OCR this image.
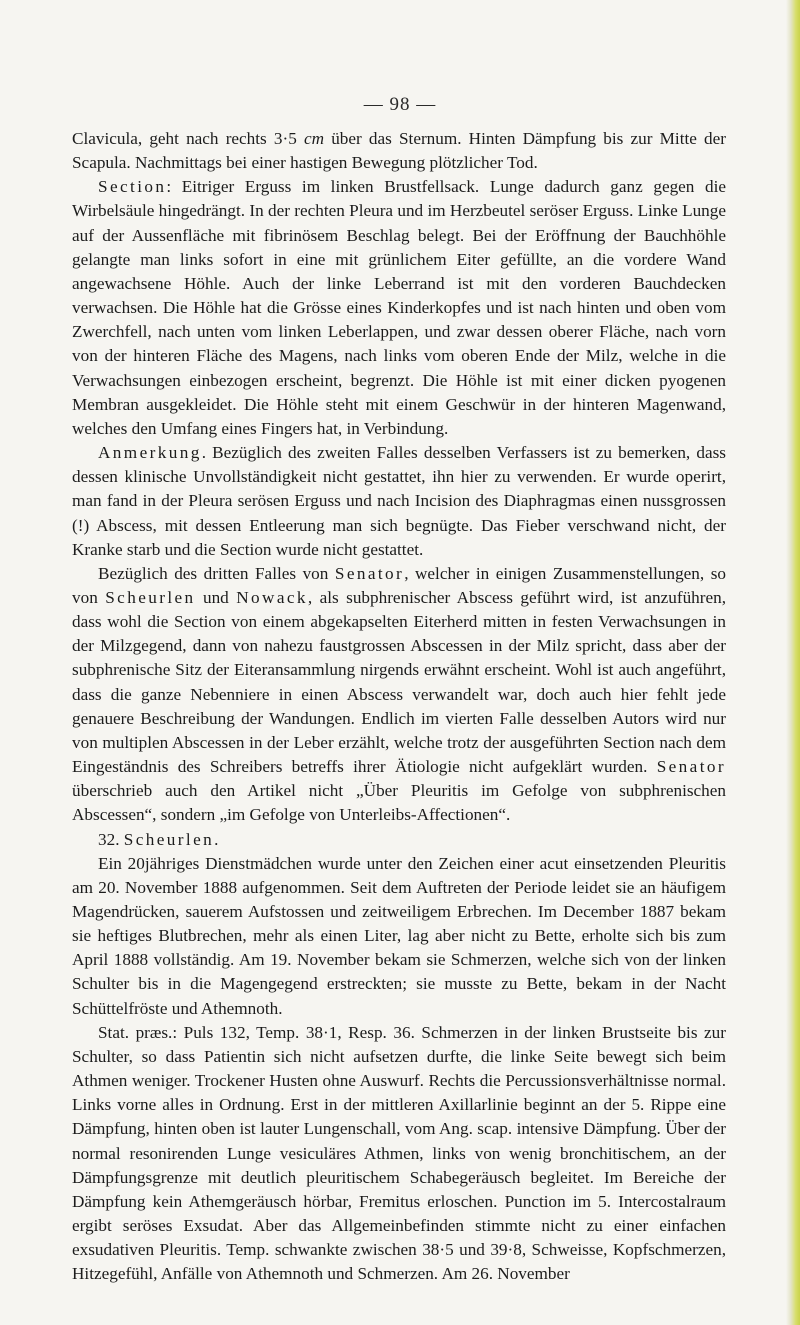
— 98 —

Clavicula, geht nach rechts 3·5 cm über das Sternum. Hinten Dämpfung bis zur Mitte der Scapula. Nachmittags bei einer hastigen Bewegung plötzlicher Tod.

Section: Eitriger Erguss im linken Brustfellsack. Lunge dadurch ganz gegen die Wirbelsäule hingedrängt. In der rechten Pleura und im Herzbeutel seröser Erguss. Linke Lunge auf der Aussenfläche mit fibrinösem Beschlag belegt. Bei der Eröffnung der Bauchhöhle gelangte man links sofort in eine mit grünlichem Eiter gefüllte, an die vordere Wand angewachsene Höhle. Auch der linke Leberrand ist mit den vorderen Bauchdecken verwachsen. Die Höhle hat die Grösse eines Kinderkopfes und ist nach hinten und oben vom Zwerchfell, nach unten vom linken Leberlappen, und zwar dessen oberer Fläche, nach vorn von der hinteren Fläche des Magens, nach links vom oberen Ende der Milz, welche in die Verwachsungen einbezogen erscheint, begrenzt. Die Höhle ist mit einer dicken pyogenen Membran ausgekleidet. Die Höhle steht mit einem Geschwür in der hinteren Magenwand, welches den Umfang eines Fingers hat, in Verbindung.

Anmerkung. Bezüglich des zweiten Falles desselben Verfassers ist zu bemerken, dass dessen klinische Unvollständigkeit nicht gestattet, ihn hier zu verwenden. Er wurde operirt, man fand in der Pleura serösen Erguss und nach Incision des Diaphragmas einen nussgrossen (!) Abscess, mit dessen Entleerung man sich begnügte. Das Fieber verschwand nicht, der Kranke starb und die Section wurde nicht gestattet.

Bezüglich des dritten Falles von Senator, welcher in einigen Zusammenstellungen, so von Scheurlen und Nowack, als subphrenischer Abscess geführt wird, ist anzuführen, dass wohl die Section von einem abgekapselten Eiterherd mitten in festen Verwachsungen in der Milzgegend, dann von nahezu faustgrossen Abscessen in der Milz spricht, dass aber der subphrenische Sitz der Eiteransammlung nirgends erwähnt erscheint. Wohl ist auch angeführt, dass die ganze Nebenniere in einen Abscess verwandelt war, doch auch hier fehlt jede genauere Beschreibung der Wandungen. Endlich im vierten Falle desselben Autors wird nur von multiplen Abscessen in der Leber erzählt, welche trotz der ausgeführten Section nach dem Eingeständnis des Schreibers betreffs ihrer Ätiologie nicht aufgeklärt wurden. Senator überschrieb auch den Artikel nicht „Über Pleuritis im Gefolge von subphrenischen Abscessen“, sondern „im Gefolge von Unterleibs-Affectionen“.

32. Scheurlen.

Ein 20jähriges Dienstmädchen wurde unter den Zeichen einer acut einsetzenden Pleuritis am 20. November 1888 aufgenommen. Seit dem Auftreten der Periode leidet sie an häufigem Magendrücken, sauerem Aufstossen und zeitweiligem Erbrechen. Im December 1887 bekam sie heftiges Blutbrechen, mehr als einen Liter, lag aber nicht zu Bette, erholte sich bis zum April 1888 vollständig. Am 19. November bekam sie Schmerzen, welche sich von der linken Schulter bis in die Magengegend erstreckten; sie musste zu Bette, bekam in der Nacht Schüttelfröste und Athemnoth.

Stat. præs.: Puls 132, Temp. 38·1, Resp. 36. Schmerzen in der linken Brustseite bis zur Schulter, so dass Patientin sich nicht aufsetzen durfte, die linke Seite bewegt sich beim Athmen weniger. Trockener Husten ohne Auswurf. Rechts die Percussionsverhältnisse normal. Links vorne alles in Ordnung. Erst in der mittleren Axillarlinie beginnt an der 5. Rippe eine Dämpfung, hinten oben ist lauter Lungenschall, vom Ang. scap. intensive Dämpfung. Über der normal resonirenden Lunge vesiculäres Athmen, links von wenig bronchitischem, an der Dämpfungsgrenze mit deutlich pleuritischem Schabegeräusch begleitet. Im Bereiche der Dämpfung kein Athemgeräusch hörbar, Fremitus erloschen. Punction im 5. Intercostalraum ergibt seröses Exsudat. Aber das Allgemeinbefinden stimmte nicht zu einer einfachen exsudativen Pleuritis. Temp. schwankte zwischen 38·5 und 39·8, Schweisse, Kopfschmerzen, Hitzegefühl, Anfälle von Athemnoth und Schmerzen. Am 26. November
